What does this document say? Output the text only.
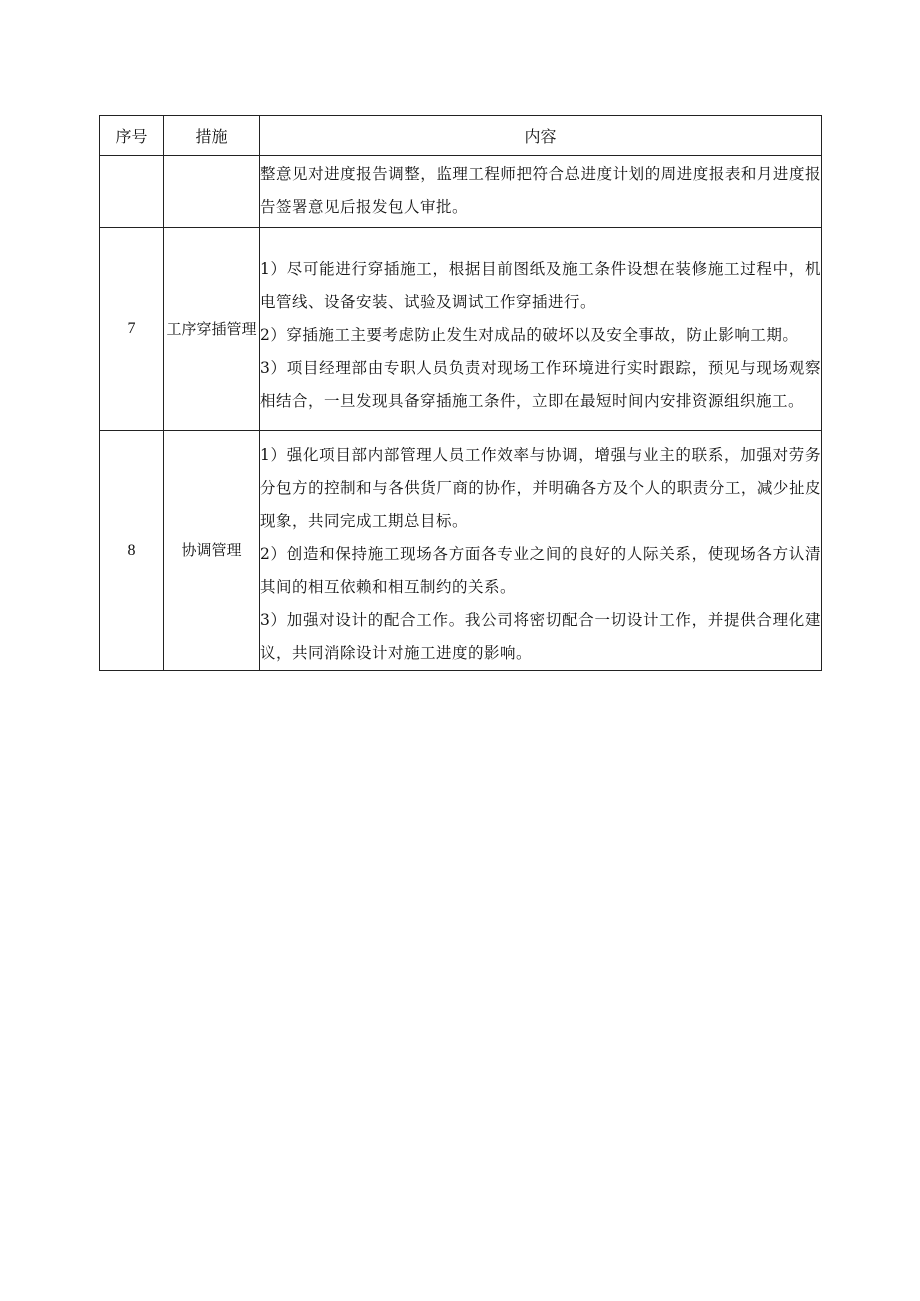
序号	措施	内容

		整意见对进度报告调整，监理工程师把符合总进度计划的周进度报表和月进度报告签署意见后报发包人审批。

7	工序穿插管理	1）尽可能进行穿插施工，根据目前图纸及施工条件设想在装修施工过程中，机电管线、设备安装、试验及调试工作穿插进行。

2）穿插施工主要考虑防止发生对成品的破坏以及安全事故，防止影响工期。

3）项目经理部由专职人员负责对现场工作环境进行实时跟踪，预见与现场观察相结合，一旦发现具备穿插施工条件，立即在最短时间内安排资源组织施工。

8	协调管理	1）强化项目部内部管理人员工作效率与协调，增强与业主的联系，加强对劳务分包方的控制和与各供货厂商的协作，并明确各方及个人的职责分工，减少扯皮现象，共同完成工期总目标。

2）创造和保持施工现场各方面各专业之间的良好的人际关系，使现场各方认清其间的相互依赖和相互制约的关系。

3）加强对设计的配合工作。我公司将密切配合一切设计工作，并提供合理化建议，共同消除设计对施工进度的影响。
